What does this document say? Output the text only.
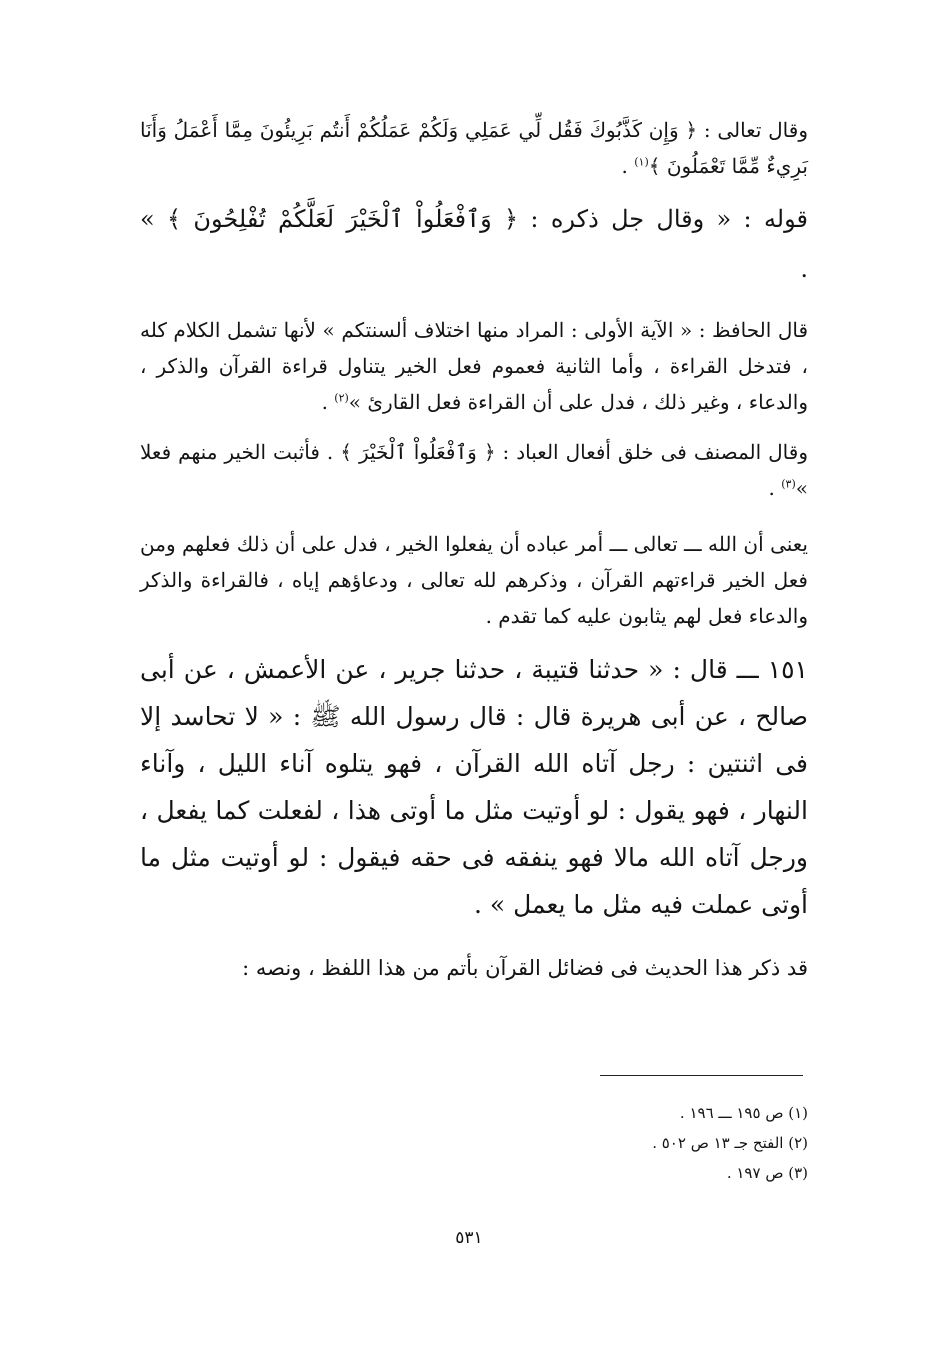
وقال تعالى : ﴿ وَإِن كَذَّبُوكَ فَقُل لِّي عَمَلِي وَلَكُمْ عَمَلُكُمْ أَنتُم بَرِيئُونَ مِمَّا أَعْمَلُ وَأَنَا بَرِيءٌ مِّمَّا تَعْمَلُونَ ﴾$^{(١)}$ .

قوله : « وقال جل ذكره : ﴿ وَٱفْعَلُواْ ٱلْخَيْرَ لَعَلَّكُمْ تُفْلِحُونَ ﴾ » .

قال الحافظ : « الآية الأولى : المراد منها اختلاف ألسنتكم » لأنها تشمل الكلام كله ، فتدخل القراءة ، وأما الثانية فعموم فعل الخير يتناول قراءة القرآن والذكر ، والدعاء ، وغير ذلك ، فدل على أن القراءة فعل القارئ »$^{(٢)}$ .

وقال المصنف فى خلق أفعال العباد : ﴿ وَٱفْعَلُواْ ٱلْخَيْرَ ﴾ . فأثبت الخير منهم فعلا »$^{(٣)}$ .

يعنى أن الله ـــ تعالى ـــ أمر عباده أن يفعلوا الخير ، فدل على أن ذلك فعلهم ومن فعل الخير قراءتهم القرآن ، وذكرهم لله تعالى ، ودعاؤهم إياه ، فالقراءة والذكر والدعاء فعل لهم يثابون عليه كما تقدم .

١٥١ ـــ قال : « حدثنا قتيبة ، حدثنا جرير ، عن الأعمش ، عن أبى صالح ، عن أبى هريرة قال : قال رسول الله ﷺ : « لا تحاسد إلا فى اثنتين : رجل آتاه الله القرآن ، فهو يتلوه آناء الليل ، وآناء النهار ، فهو يقول : لو أوتيت مثل ما أوتى هذا ، لفعلت كما يفعل ، ورجل آتاه الله مالا فهو ينفقه فى حقه فيقول : لو أوتيت مثل ما أوتى عملت فيه مثل ما يعمل » .

قد ذكر هذا الحديث فى فضائل القرآن بأتم من هذا اللفظ ، ونصه :

(١) ص ١٩٥ ـــ ١٩٦ .
(٢) الفتح جـ ١٣ ص ٥٠٢ .
(٣) ص ١٩٧ .
٥٣١
